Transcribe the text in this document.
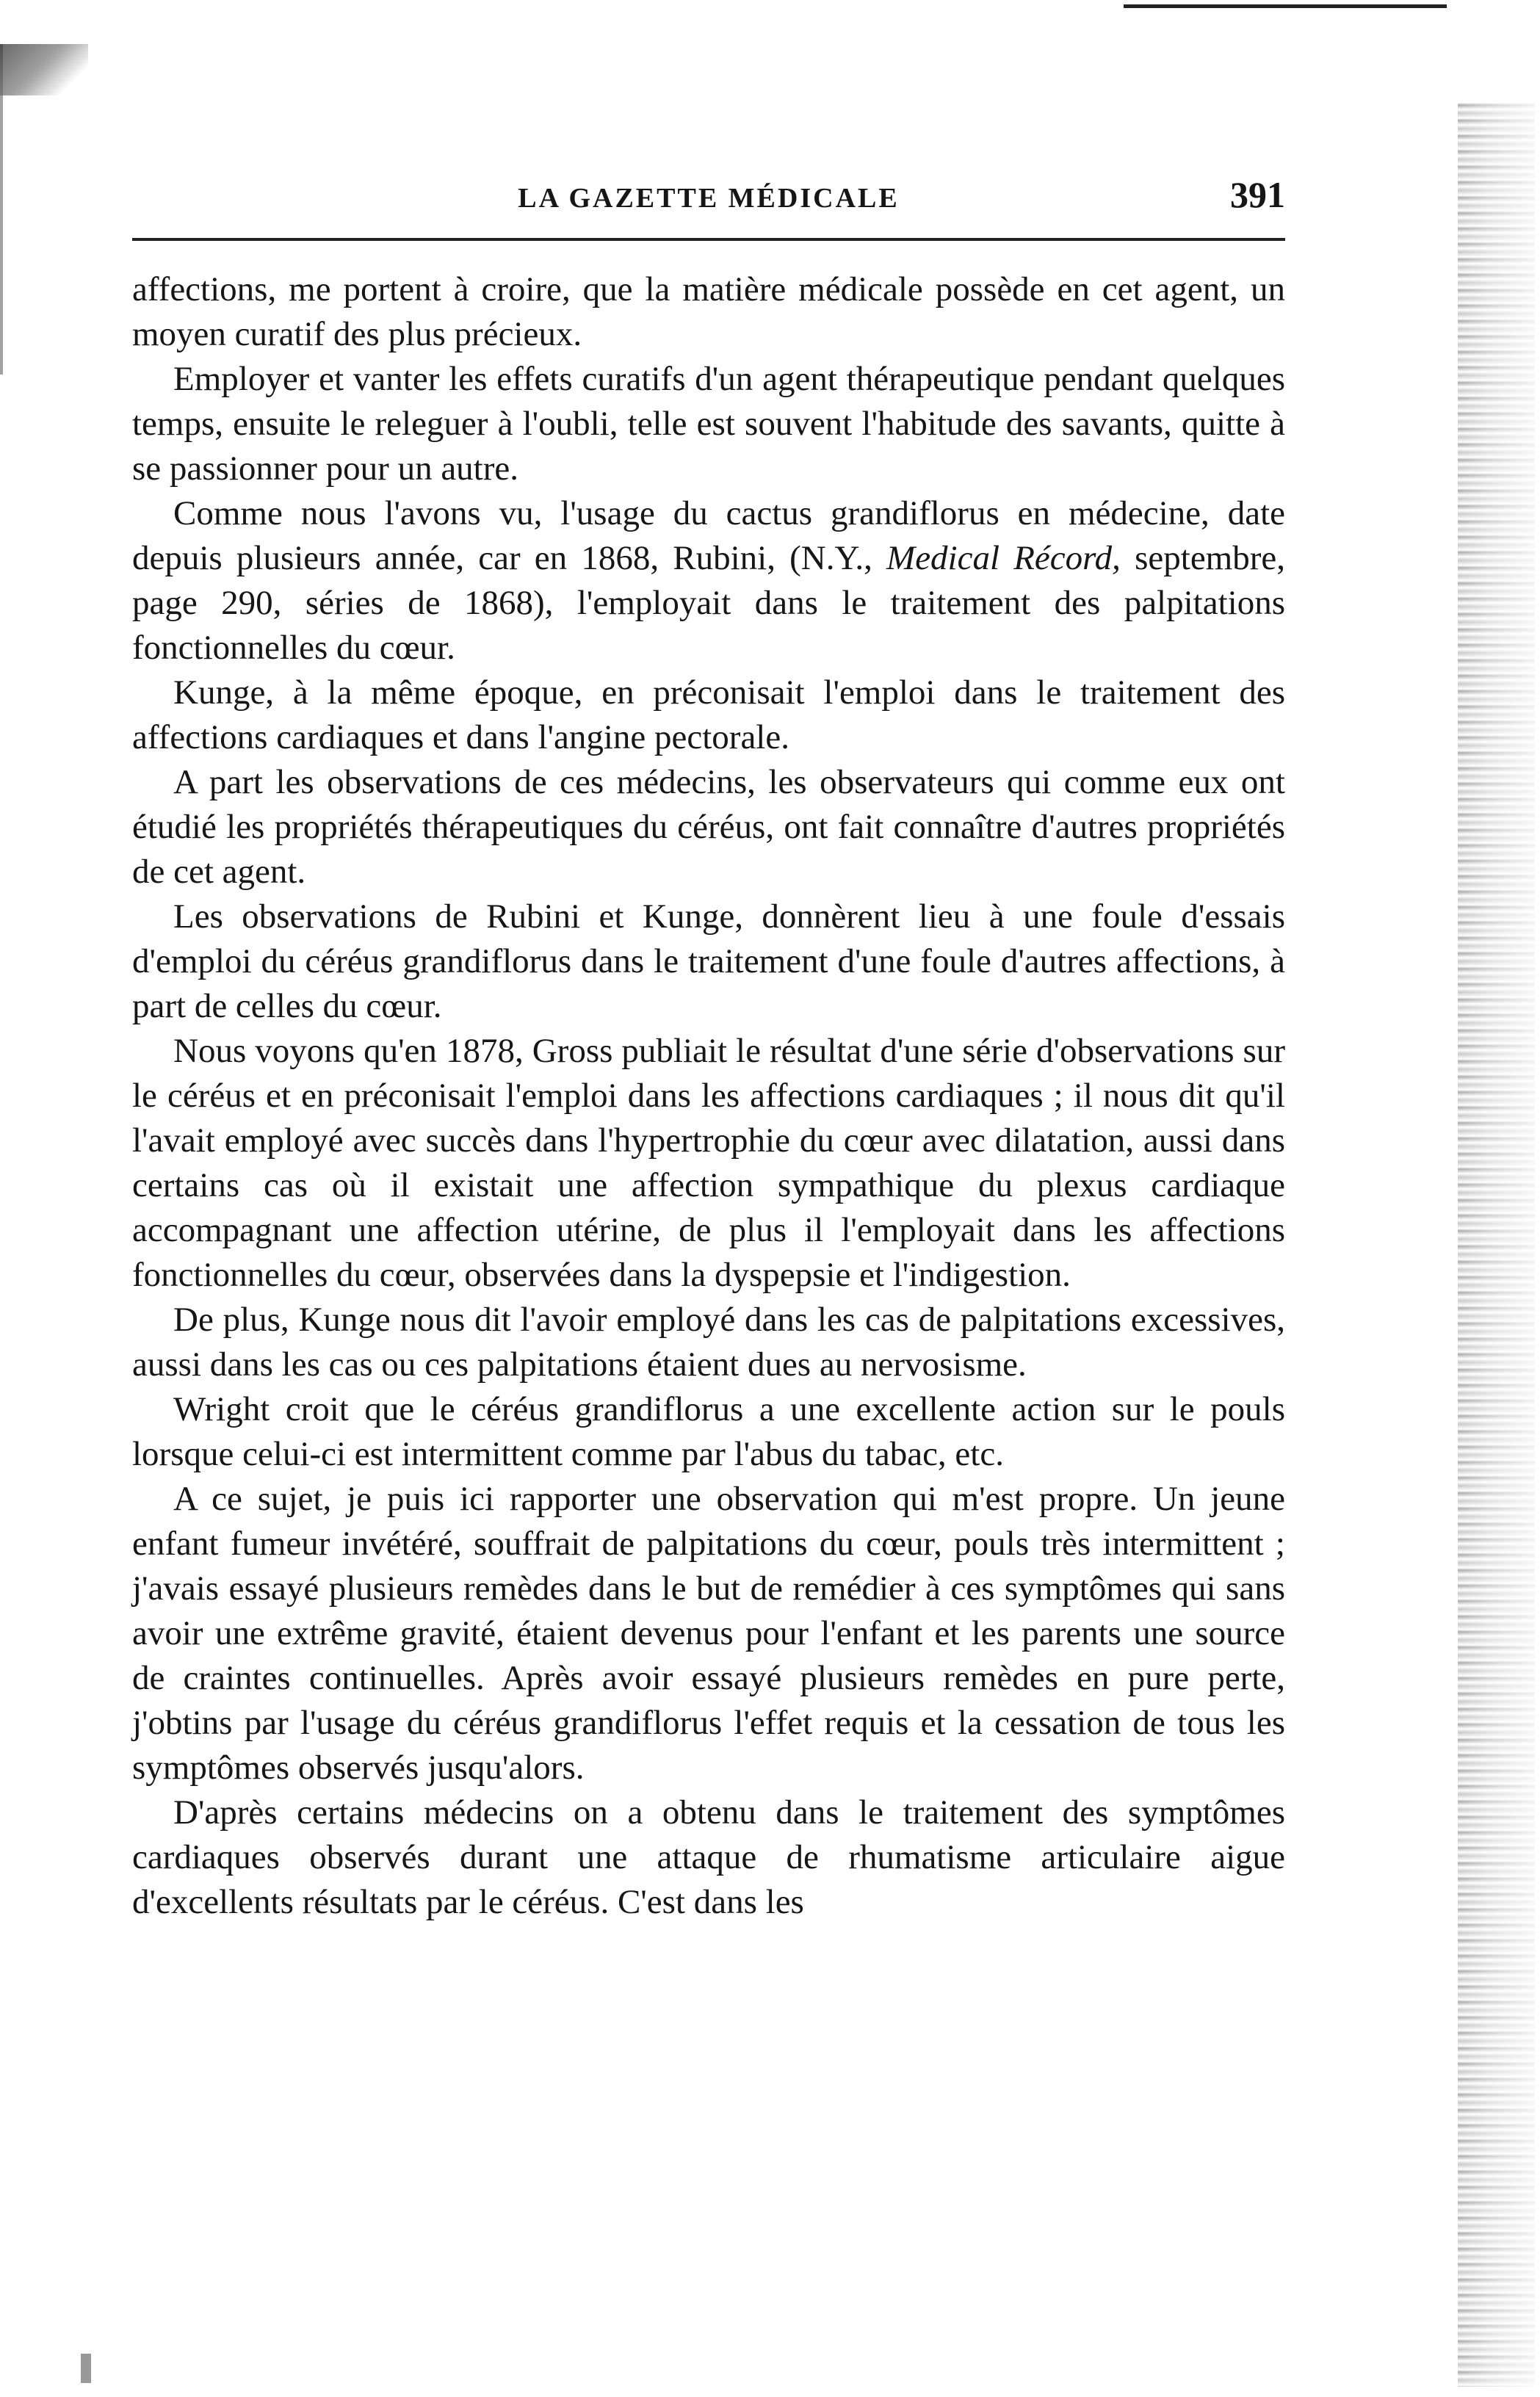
LA GAZETTE MÉDICALE	391

affections, me portent à croire, que la matière médicale possède en cet agent, un moyen curatif des plus précieux.

Employer et vanter les effets curatifs d'un agent thérapeutique pendant quelques temps, ensuite le releguer à l'oubli, telle est souvent l'habitude des savants, quitte à se passionner pour un autre.

Comme nous l'avons vu, l'usage du cactus grandiflorus en médecine, date depuis plusieurs année, car en 1868, Rubini, (N.Y., Medical Récord, septembre, page 290, séries de 1868), l'employait dans le traitement des palpitations fonctionnelles du cœur.

Kunge, à la même époque, en préconisait l'emploi dans le traitement des affections cardiaques et dans l'angine pectorale.

A part les observations de ces médecins, les observateurs qui comme eux ont étudié les propriétés thérapeutiques du céréus, ont fait connaître d'autres propriétés de cet agent.

Les observations de Rubini et Kunge, donnèrent lieu à une foule d'essais d'emploi du céréus grandiflorus dans le traitement d'une foule d'autres affections, à part de celles du cœur.

Nous voyons qu'en 1878, Gross publiait le résultat d'une série d'observations sur le céréus et en préconisait l'emploi dans les affections cardiaques ; il nous dit qu'il l'avait employé avec succès dans l'hypertrophie du cœur avec dilatation, aussi dans certains cas où il existait une affection sympathique du plexus cardiaque accompagnant une affection utérine, de plus il l'employait dans les affections fonctionnelles du cœur, observées dans la dyspepsie et l'indigestion.

De plus, Kunge nous dit l'avoir employé dans les cas de palpitations excessives, aussi dans les cas ou ces palpitations étaient dues au nervosisme.

Wright croit que le céréus grandiflorus a une excellente action sur le pouls lorsque celui-ci est intermittent comme par l'abus du tabac, etc.

A ce sujet, je puis ici rapporter une observation qui m'est propre. Un jeune enfant fumeur invétéré, souffrait de palpitations du cœur, pouls très intermittent ; j'avais essayé plusieurs remèdes dans le but de remédier à ces symptômes qui sans avoir une extrême gravité, étaient devenus pour l'enfant et les parents une source de craintes continuelles. Après avoir essayé plusieurs remèdes en pure perte, j'obtins par l'usage du céréus grandiflorus l'effet requis et la cessation de tous les symptômes observés jusqu'alors.

D'après certains médecins on a obtenu dans le traitement des symptômes cardiaques observés durant une attaque de rhumatisme articulaire aigue d'excellents résultats par le céréus. C'est dans les
